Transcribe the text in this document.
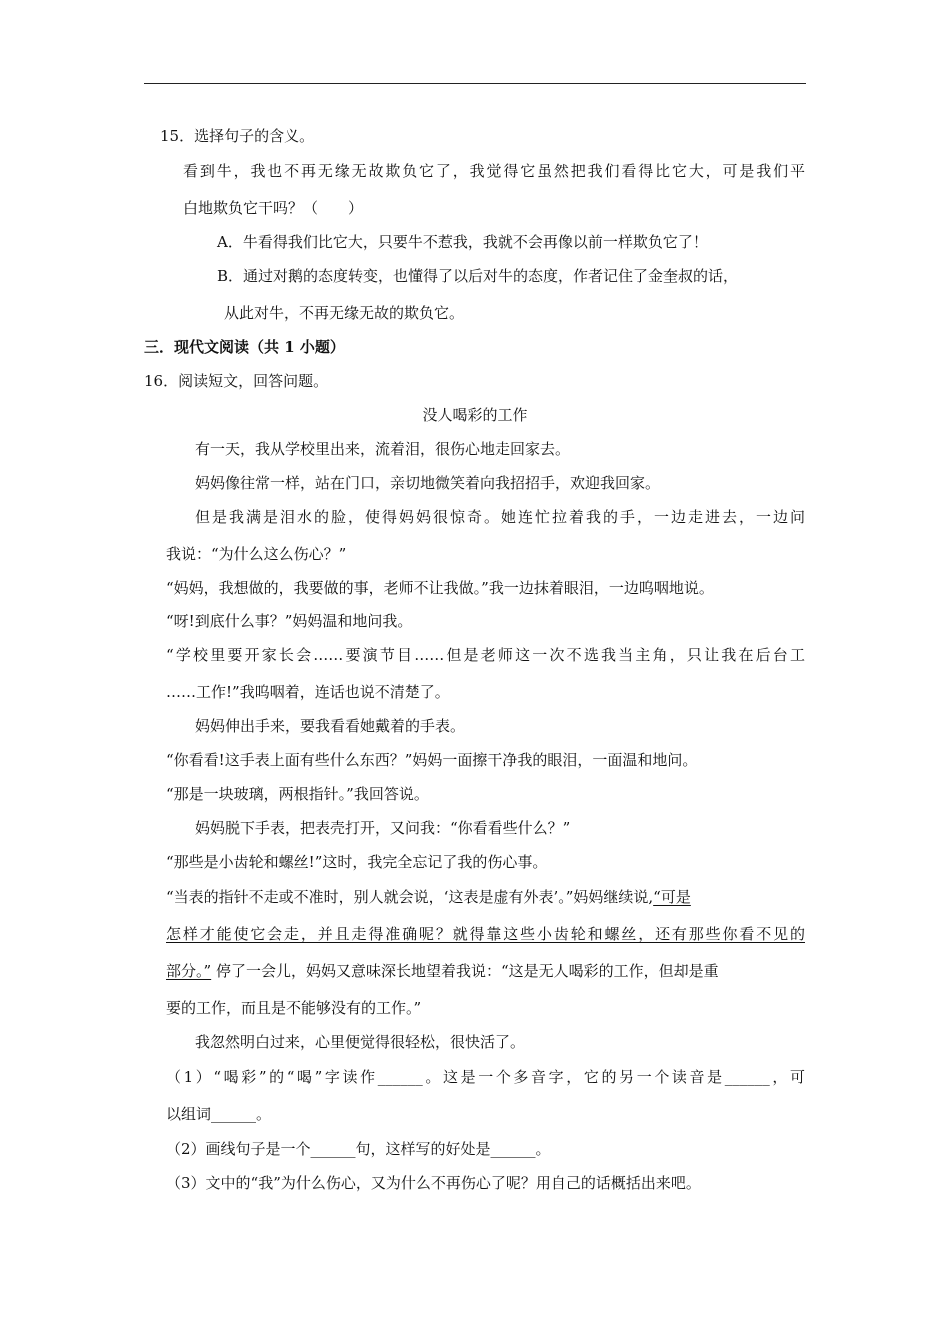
15．选择句子的含义。
看到牛，我也不再无缘无故欺负它了，我觉得它虽然把我们看得比它大，可是我们平
白地欺负它干吗？（　　）
A．牛看得我们比它大，只要牛不惹我，我就不会再像以前一样欺负它了！
B．通过对鹅的态度转变，也懂得了以后对牛的态度，作者记住了金奎叔的话，
从此对牛，不再无缘无故的欺负它。
三．现代文阅读（共 1 小题）
16．阅读短文，回答问题。
没人喝彩的工作
有一天，我从学校里出来，流着泪，很伤心地走回家去。
妈妈像往常一样，站在门口，亲切地微笑着向我招招手，欢迎我回家。
但是我满是泪水的脸，使得妈妈很惊奇。她连忙拉着我的手，一边走进去，一边问
我说：“为什么这么伤心？”
“妈妈，我想做的，我要做的事，老师不让我做。”我一边抹着眼泪，一边呜咽地说。
“呀!到底什么事？”妈妈温和地问我。
“学校里要开家长会……要演节目……但是老师这一次不选我当主角，只让我在后台工
……工作!”我呜咽着，连话也说不清楚了。
妈妈伸出手来，要我看看她戴着的手表。
“你看看!这手表上面有些什么东西？”妈妈一面擦干净我的眼泪，一面温和地问。
“那是一块玻璃，两根指针。”我回答说。
妈妈脱下手表，把表壳打开，又问我：“你看看些什么？”
“那些是小齿轮和螺丝!”这时，我完全忘记了我的伤心事。
“当表的指针不走或不准时，别人就会说，‘这表是虚有外表’。”妈妈继续说,“可是
怎样才能使它会走，并且走得准确呢？就得靠这些小齿轮和螺丝，还有那些你看不见的
部分。” 停了一会儿，妈妈又意味深长地望着我说：“这是无人喝彩的工作，但却是重
要的工作，而且是不能够没有的工作。”
我忽然明白过来，心里便觉得很轻松，很快活了。
（1）“喝彩”的“喝”字读作______。这是一个多音字，它的另一个读音是______，可
以组词______。
（2）画线句子是一个______句，这样写的好处是______。
（3）文中的“我”为什么伤心，又为什么不再伤心了呢？用自己的话概括出来吧。
